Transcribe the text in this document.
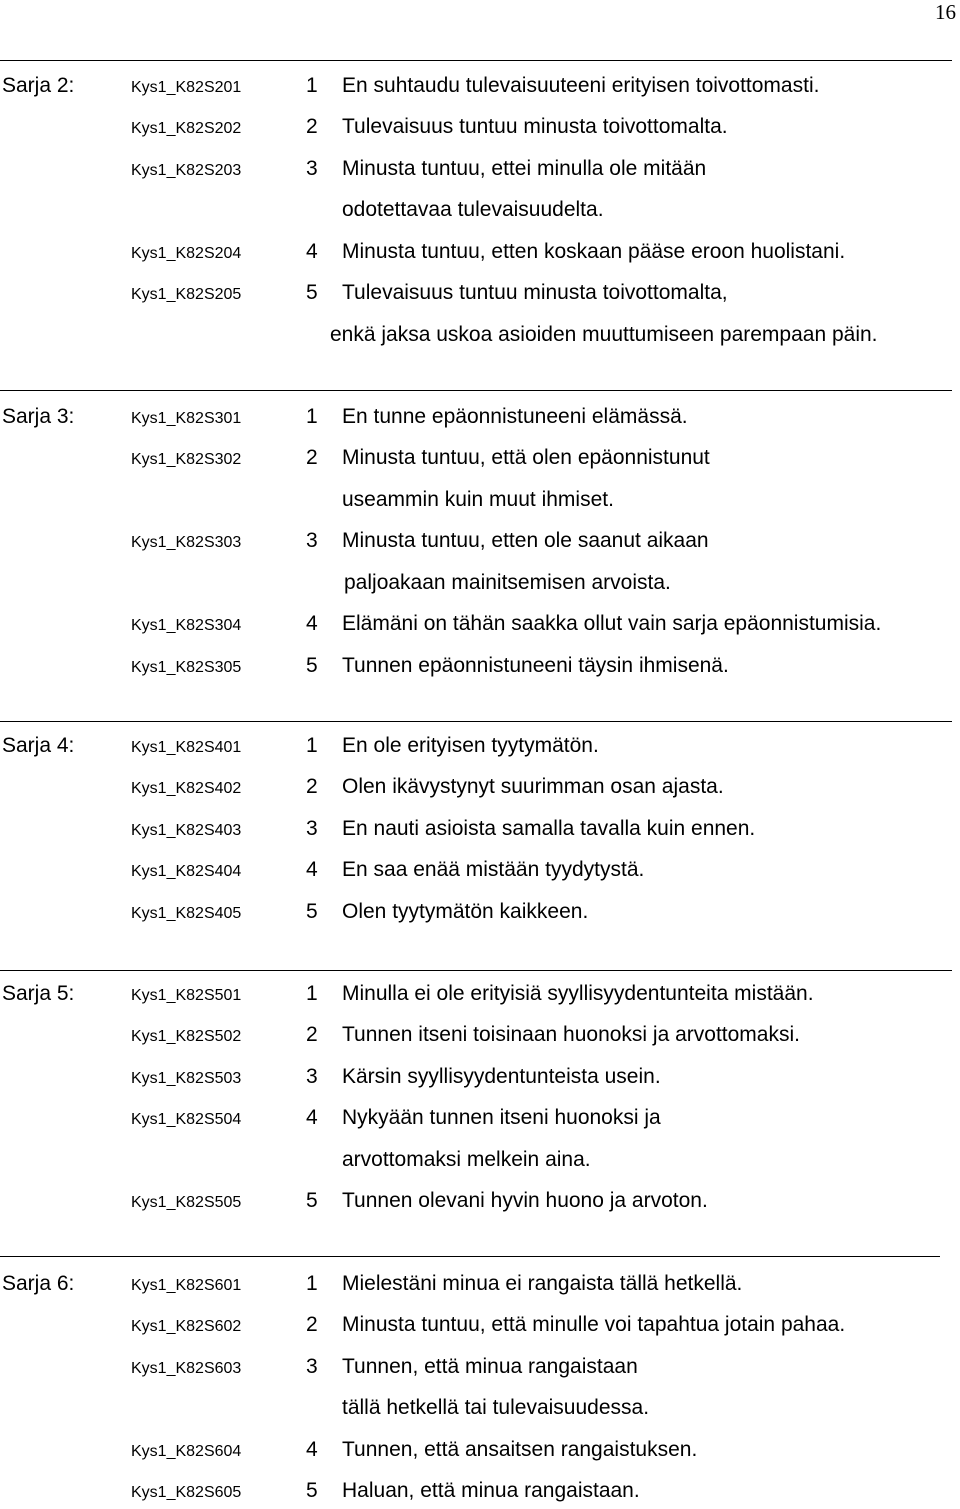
16
Sarja 2:	Kys1_K82S201	1 En suhtaudu tulevaisuuteeni erityisen toivottomasti.
Kys1_K82S202	2 Tulevaisuus tuntuu minusta toivottomalta.
Kys1_K82S203	3 Minusta tuntuu, ettei minulla ole mitään
odotettavaa tulevaisuudelta.
Kys1_K82S204	4 Minusta tuntuu, etten koskaan pääse eroon huolistani.
Kys1_K82S205	5 Tulevaisuus tuntuu minusta toivottomalta,
enkä jaksa uskoa asioiden muuttumiseen parempaan päin.
Sarja 3:	Kys1_K82S301	1 En tunne epäonnistuneeni elämässä.
Kys1_K82S302	2 Minusta tuntuu, että olen epäonnistunut
useammin kuin muut ihmiset.
Kys1_K82S303	3 Minusta tuntuu, etten ole saanut aikaan
paljoakaan mainitsemisen arvoista.
Kys1_K82S304	4 Elämäni on tähän saakka ollut vain sarja epäonnistumisia.
Kys1_K82S305	5 Tunnen epäonnistuneeni täysin ihmisenä.
Sarja 4:	Kys1_K82S401	1 En ole erityisen tyytymätön.
Kys1_K82S402	2 Olen ikävystynyt suurimman osan ajasta.
Kys1_K82S403	3 En nauti asioista samalla tavalla kuin ennen.
Kys1_K82S404	4 En saa enää mistään tyydytystä.
Kys1_K82S405	5 Olen tyytymätön kaikkeen.
Sarja 5:	Kys1_K82S501	1 Minulla ei ole erityisiä syyllisyydentunteita mistään.
Kys1_K82S502	2 Tunnen itseni toisinaan huonoksi ja arvottomaksi.
Kys1_K82S503	3 Kärsin syyllisyydentunteista usein.
Kys1_K82S504	4 Nykyään tunnen itseni huonoksi ja
arvottomaksi melkein aina.
Kys1_K82S505	5 Tunnen olevani hyvin huono ja arvoton.
Sarja 6:	Kys1_K82S601	1 Mielestäni minua ei rangaista tällä hetkellä.
Kys1_K82S602	2 Minusta tuntuu, että minulle voi tapahtua jotain pahaa.
Kys1_K82S603	3 Tunnen, että minua rangaistaan
tällä hetkellä tai tulevaisuudessa.
Kys1_K82S604	4 Tunnen, että ansaitsen rangaistuksen.
Kys1_K82S605	5 Haluan, että minua rangaistaan.
